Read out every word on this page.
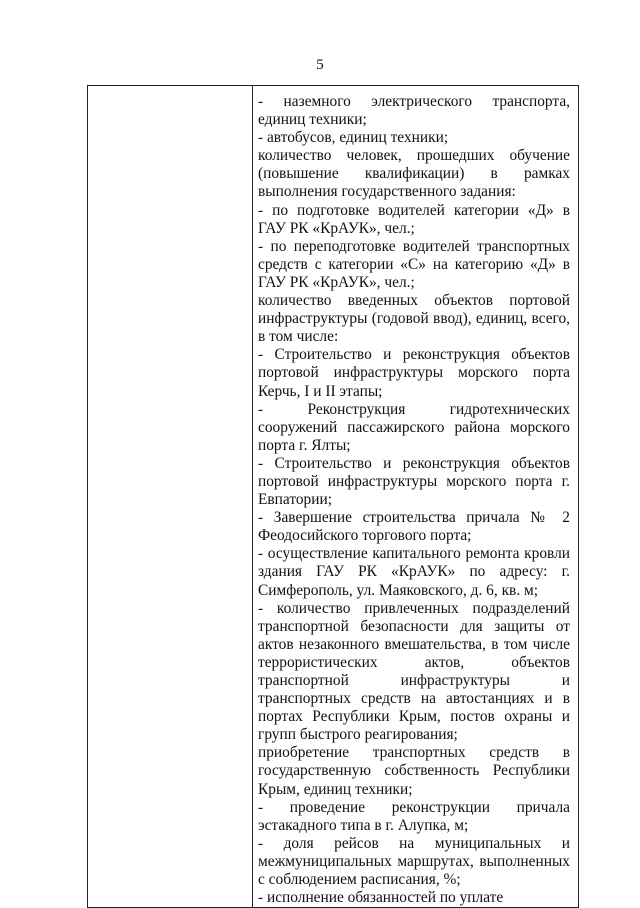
5

- наземного электрического транспорта, единиц техники;

- автобусов, единиц техники;

количество человек, прошедших обучение (повышение квалификации) в рамках выполнения государственного задания:

- по подготовке водителей категории «Д» в ГАУ РК «КрАУК», чел.;

- по переподготовке водителей транспортных средств с категории «С» на категорию «Д» в ГАУ РК «КрАУК», чел.;

количество введенных объектов портовой инфраструктуры (годовой ввод), единиц, всего, в том числе:

- Строительство и реконструкция объектов портовой инфраструктуры морского порта Керчь, I и II этапы;

- Реконструкция гидротехнических сооружений пассажирского района морского порта г. Ялты;

- Строительство и реконструкция объектов портовой инфраструктуры морского порта г. Евпатории;

- Завершение строительства причала № 2 Феодосийского торгового порта;

- осуществление капитального ремонта кровли здания ГАУ РК «КрАУК» по адресу: г. Симферополь, ул. Маяковского, д. 6, кв. м;

- количество привлеченных подразделений транспортной безопасности для защиты от актов незаконного вмешательства, в том числе террористических актов, объектов транспортной инфраструктуры и транспортных средств на автостанциях и в портах Республики Крым, постов охраны и групп быстрого реагирования;

приобретение транспортных средств в государственную собственность Республики Крым, единиц техники;

- проведение реконструкции причала эстакадного типа в г. Алупка, м;

- доля рейсов на муниципальных и межмуниципальных маршрутах, выполненных с соблюдением расписания, %;

- исполнение обязанностей по уплате
